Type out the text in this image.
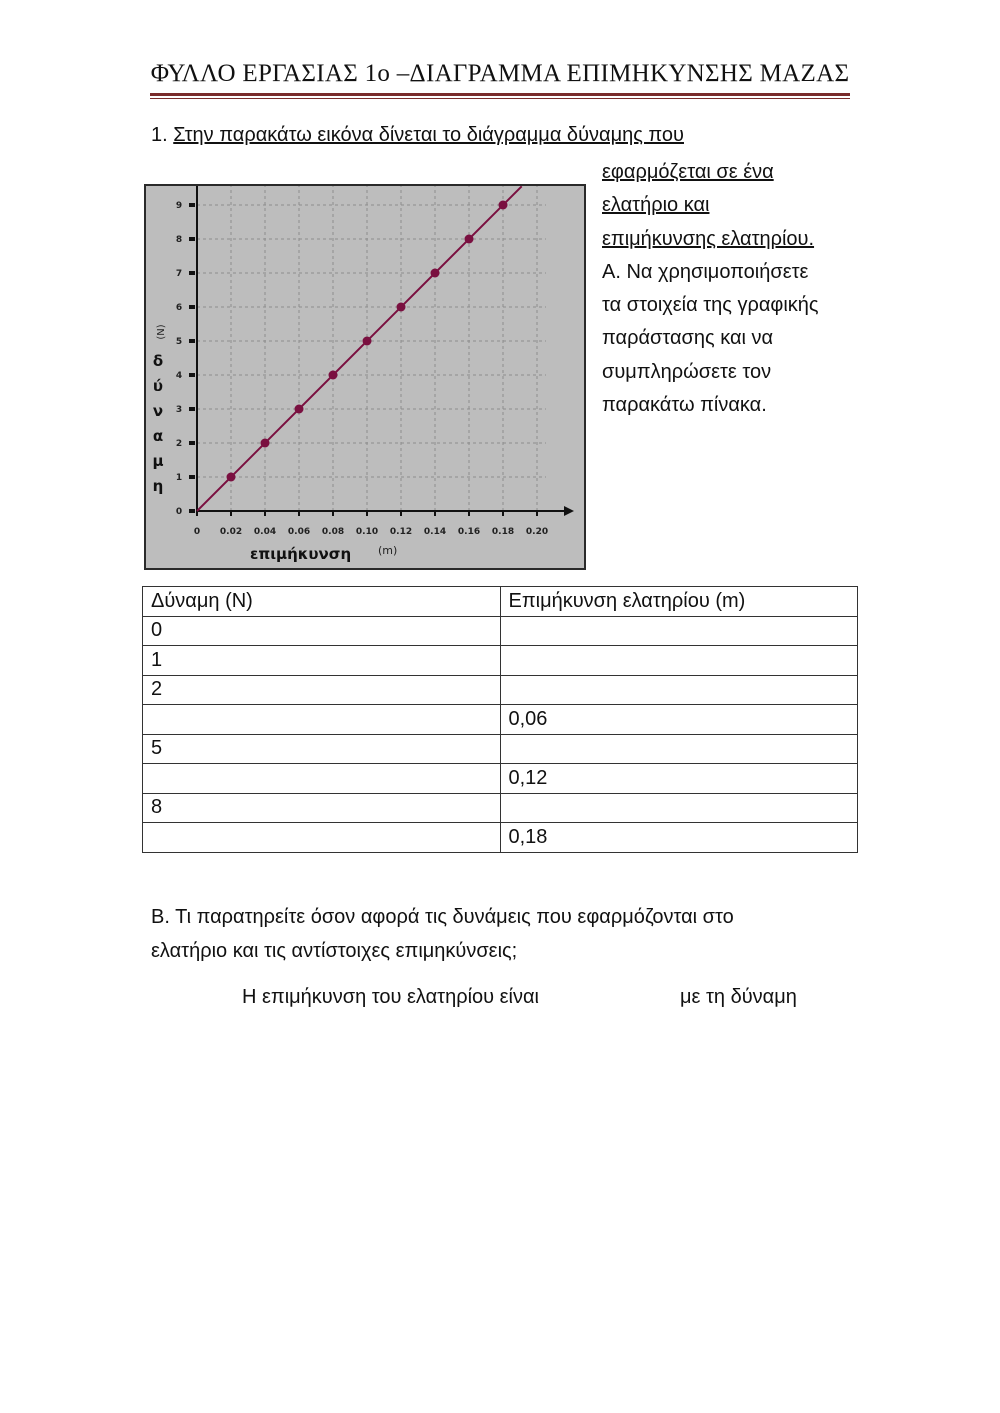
ΦΥΛΛΟ ΕΡΓΑΣΙΑΣ 1ο –ΔΙΑΓΡΑΜΜΑ ΕΠΙΜΗΚΥΝΣΗΣ ΜΑΖΑΣ
1. Στην παρακάτω εικόνα δίνεται το διάγραμμα δύναμης που
εφαρμόζεται σε ένα
ελατήριο και
επιμήκυνσης ελατηρίου.
Α. Να χρησιμοποιήσετε
τα στοιχεία της γραφικής
παράστασης και να
συμπληρώσετε τον
παρακάτω πίνακα.
0 0.02 0.04 0.06 0.08 0.10 0.12 0.14 0.16 0.18 0.20
0
1
2
3
4
5
6
7
8
9
επιμήκυνση (m)
(N)
δ
ύ
ν
α
μ
η
Δύναμη (N)	Επιμήκυνση ελατηρίου (m)
0	
1	
2	
	0,06
5	
	0,12
8	
	0,18
Β. Τι παρατηρείτε όσον αφορά τις δυνάμεις που εφαρμόζονται στο
ελατήριο και τις αντίστοιχες επιμηκύνσεις;
Η επιμήκυνση του ελατηρίου είναι	με τη δύναμη
